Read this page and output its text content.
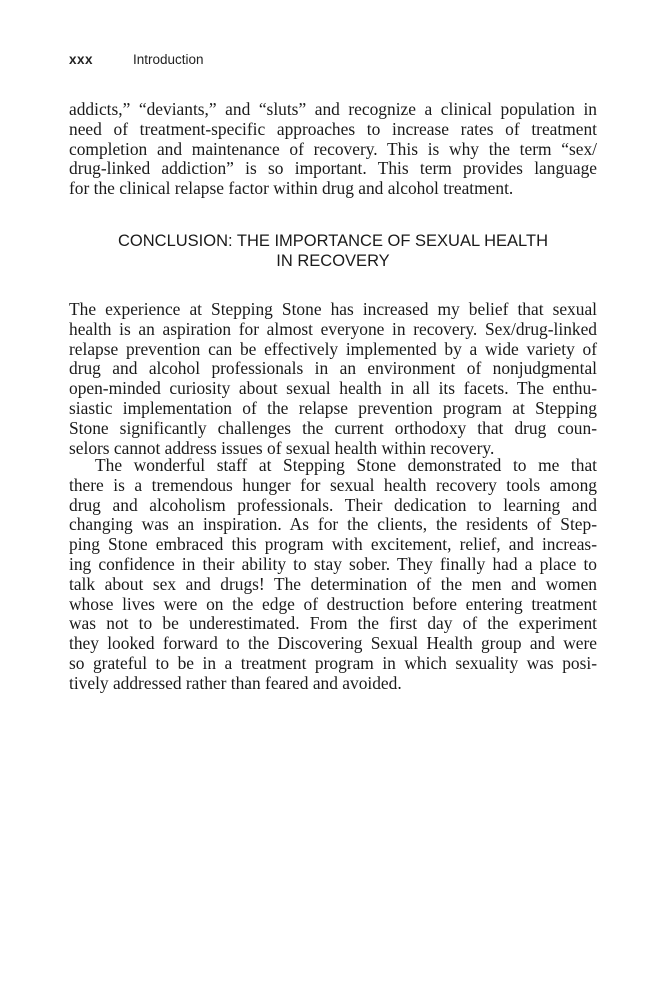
xxx	Introduction
addicts,” “deviants,” and “sluts” and recognize a clinical population in
need of treatment-specific approaches to increase rates of treatment
completion and maintenance of recovery. This is why the term “sex/
drug-linked addiction” is so important. This term provides language
for the clinical relapse factor within drug and alcohol treatment.
CONCLUSION: THE IMPORTANCE OF SEXUAL HEALTH
IN RECOVERY
The experience at Stepping Stone has increased my belief that sexual
health is an aspiration for almost everyone in recovery. Sex/drug-linked
relapse prevention can be effectively implemented by a wide variety of
drug and alcohol professionals in an environment of nonjudgmental
open-minded curiosity about sexual health in all its facets. The enthu-
siastic implementation of the relapse prevention program at Stepping
Stone significantly challenges the current orthodoxy that drug coun-
selors cannot address issues of sexual health within recovery.
The wonderful staff at Stepping Stone demonstrated to me that
there is a tremendous hunger for sexual health recovery tools among
drug and alcoholism professionals. Their dedication to learning and
changing was an inspiration. As for the clients, the residents of Step-
ping Stone embraced this program with excitement, relief, and increas-
ing confidence in their ability to stay sober. They finally had a place to
talk about sex and drugs! The determination of the men and women
whose lives were on the edge of destruction before entering treatment
was not to be underestimated. From the first day of the experiment
they looked forward to the Discovering Sexual Health group and were
so grateful to be in a treatment program in which sexuality was posi-
tively addressed rather than feared and avoided.
